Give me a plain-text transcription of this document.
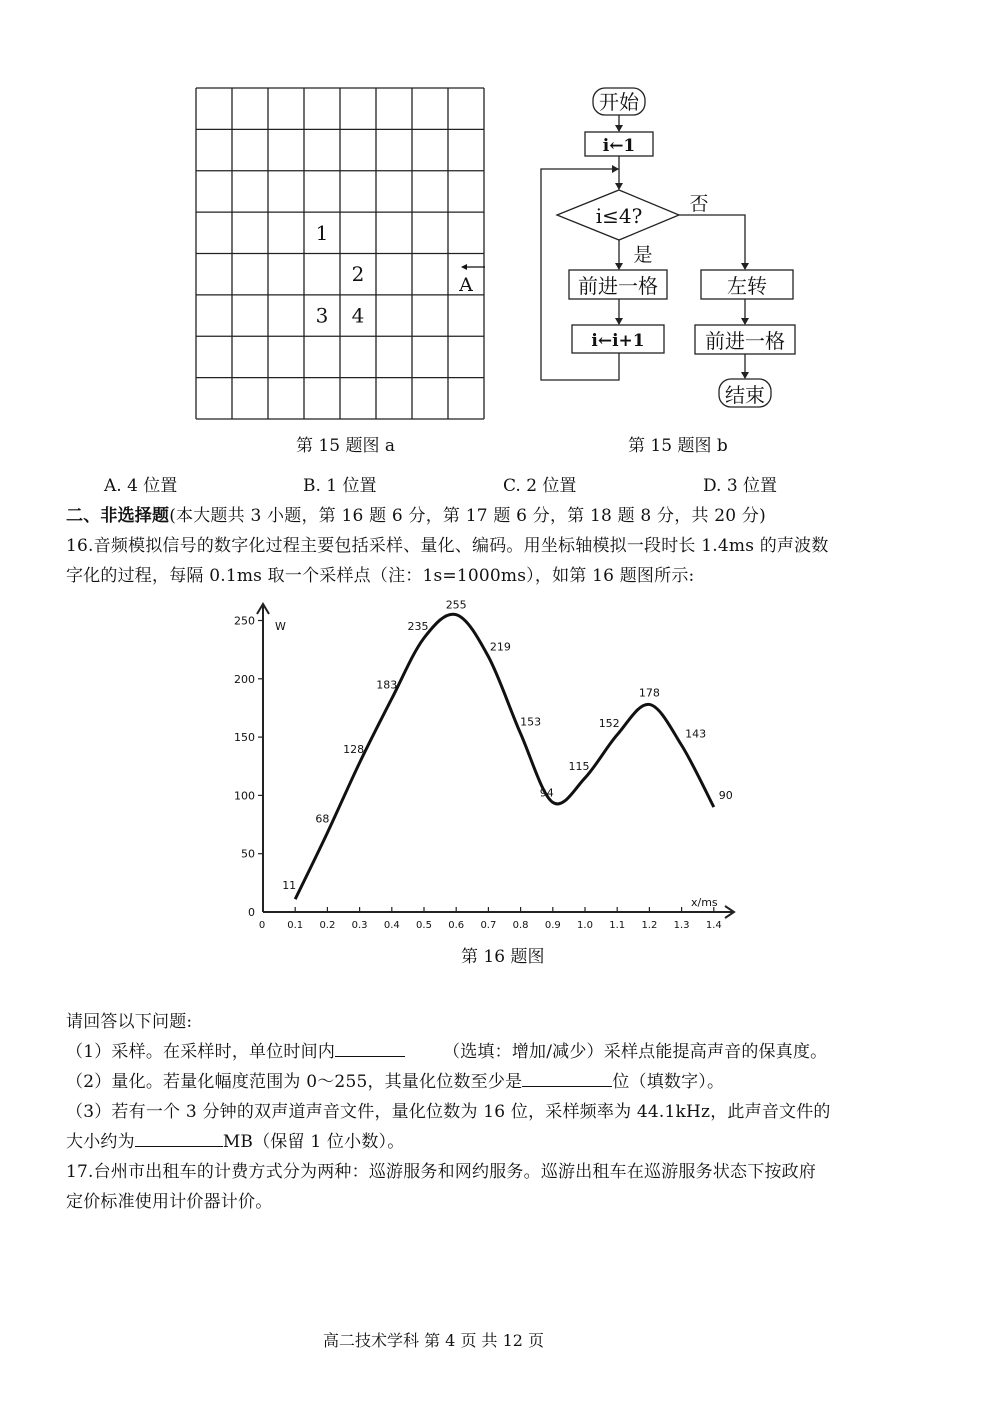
1
2
3 4
A
第 15 题图 a
开始
i←1
i≤4? 否
是
前进一格
i←i+1
左转
前进一格
结束
第 15 题图 b
A. 4 位置	B. 1 位置	C. 2 位置	D. 3 位置
二、非选择题(本大题共 3 小题，第 16 题 6 分，第 17 题 6 分，第 18 题 8 分，共 20 分)
16.音频模拟信号的数字化过程主要包括采样、量化、编码。用坐标轴模拟一段时长 1.4ms 的声波数
字化的过程，每隔 0.1ms 取一个采样点（注：1s=1000ms），如第 16 题图所示:
0
50
100
150
200
250
0 0.1 0.2 0.3 0.4 0.5 0.6 0.7 0.8 0.9 1.0 1.1 1.2 1.3 1.4
11
68
128
183
235
255
219
153
94
115
152
178
143
90
W
x/ms
第 16 题图
请回答以下问题:
（1）采样。在采样时，单位时间内	（选填：增加/减少）采样点能提高声音的保真度。
（2）量化。若量化幅度范围为 0～255，其量化位数至少是	位（填数字）。
（3）若有一个 3 分钟的双声道声音文件，量化位数为 16 位，采样频率为 44.1kHz，此声音文件的
大小约为	MB（保留 1 位小数）。
17.台州市出租车的计费方式分为两种：巡游服务和网约服务。巡游出租车在巡游服务状态下按政府
定价标准使用计价器计价。
高二技术学科 第 4 页 共 12 页
